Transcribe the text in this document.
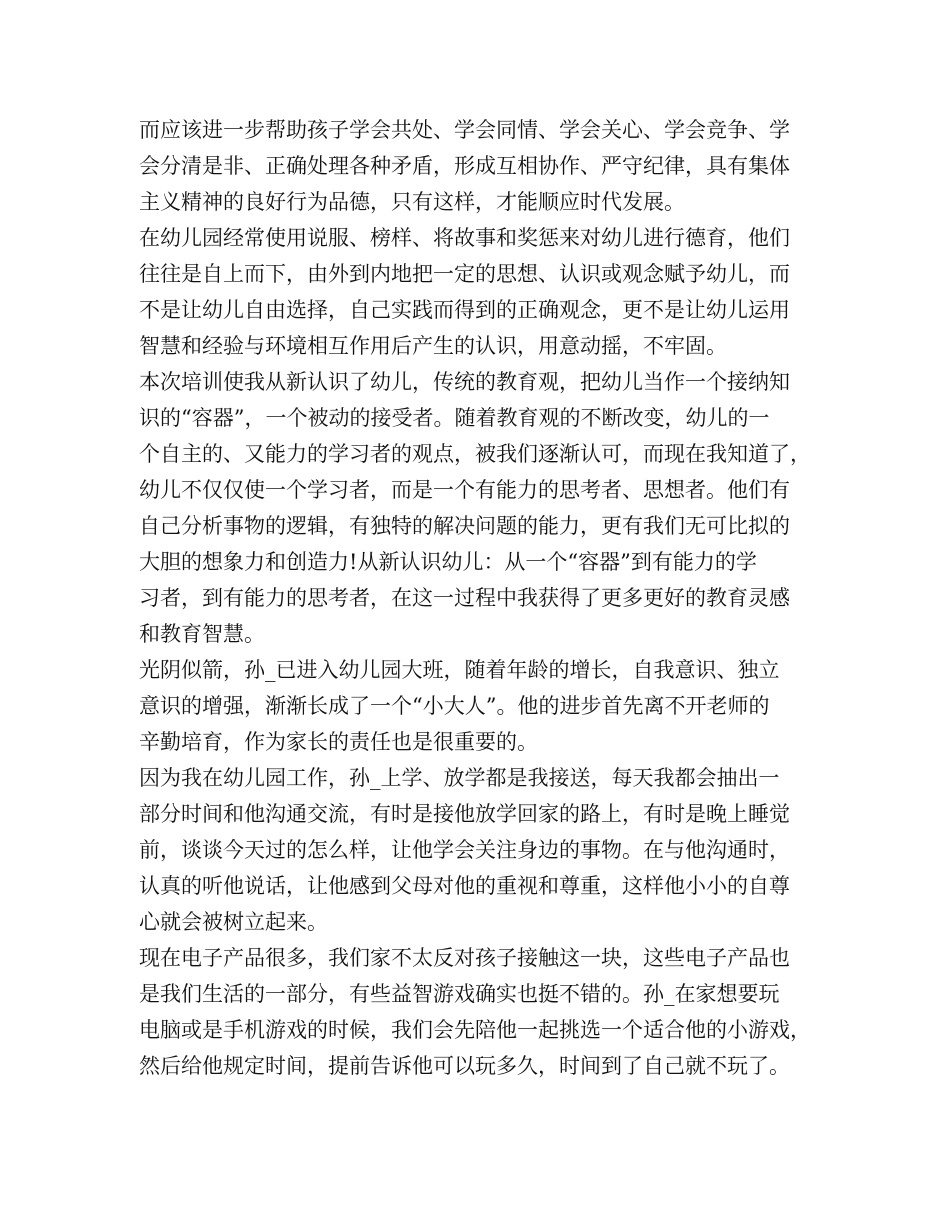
而应该进一步帮助孩子学会共处、学会同情、学会关心、学会竞争、学
会分清是非、正确处理各种矛盾，形成互相协作、严守纪律，具有集体
主义精神的良好行为品德，只有这样，才能顺应时代发展。
在幼儿园经常使用说服、榜样、将故事和奖惩来对幼儿进行德育，他们
往往是自上而下，由外到内地把一定的思想、认识或观念赋予幼儿，而
不是让幼儿自由选择，自己实践而得到的正确观念，更不是让幼儿运用
智慧和经验与环境相互作用后产生的认识，用意动摇，不牢固。
本次培训使我从新认识了幼儿，传统的教育观，把幼儿当作一个接纳知
识的“容器”，一个被动的接受者。随着教育观的不断改变，幼儿的一
个自主的、又能力的学习者的观点，被我们逐渐认可，而现在我知道了，
幼儿不仅仅使一个学习者，而是一个有能力的思考者、思想者。他们有
自己分析事物的逻辑，有独特的解决问题的能力，更有我们无可比拟的
大胆的想象力和创造力!从新认识幼儿：从一个“容器”到有能力的学
习者，到有能力的思考者，在这一过程中我获得了更多更好的教育灵感
和教育智慧。
光阴似箭，孙_已进入幼儿园大班，随着年龄的增长，自我意识、独立
意识的增强，渐渐长成了一个“小大人”。他的进步首先离不开老师的
辛勤培育，作为家长的责任也是很重要的。
因为我在幼儿园工作，孙_上学、放学都是我接送，每天我都会抽出一
部分时间和他沟通交流，有时是接他放学回家的路上，有时是晚上睡觉
前，谈谈今天过的怎么样，让他学会关注身边的事物。在与他沟通时，
认真的听他说话，让他感到父母对他的重视和尊重，这样他小小的自尊
心就会被树立起来。
现在电子产品很多，我们家不太反对孩子接触这一块，这些电子产品也
是我们生活的一部分，有些益智游戏确实也挺不错的。孙_在家想要玩
电脑或是手机游戏的时候，我们会先陪他一起挑选一个适合他的小游戏，
然后给他规定时间，提前告诉他可以玩多久，时间到了自己就不玩了。
